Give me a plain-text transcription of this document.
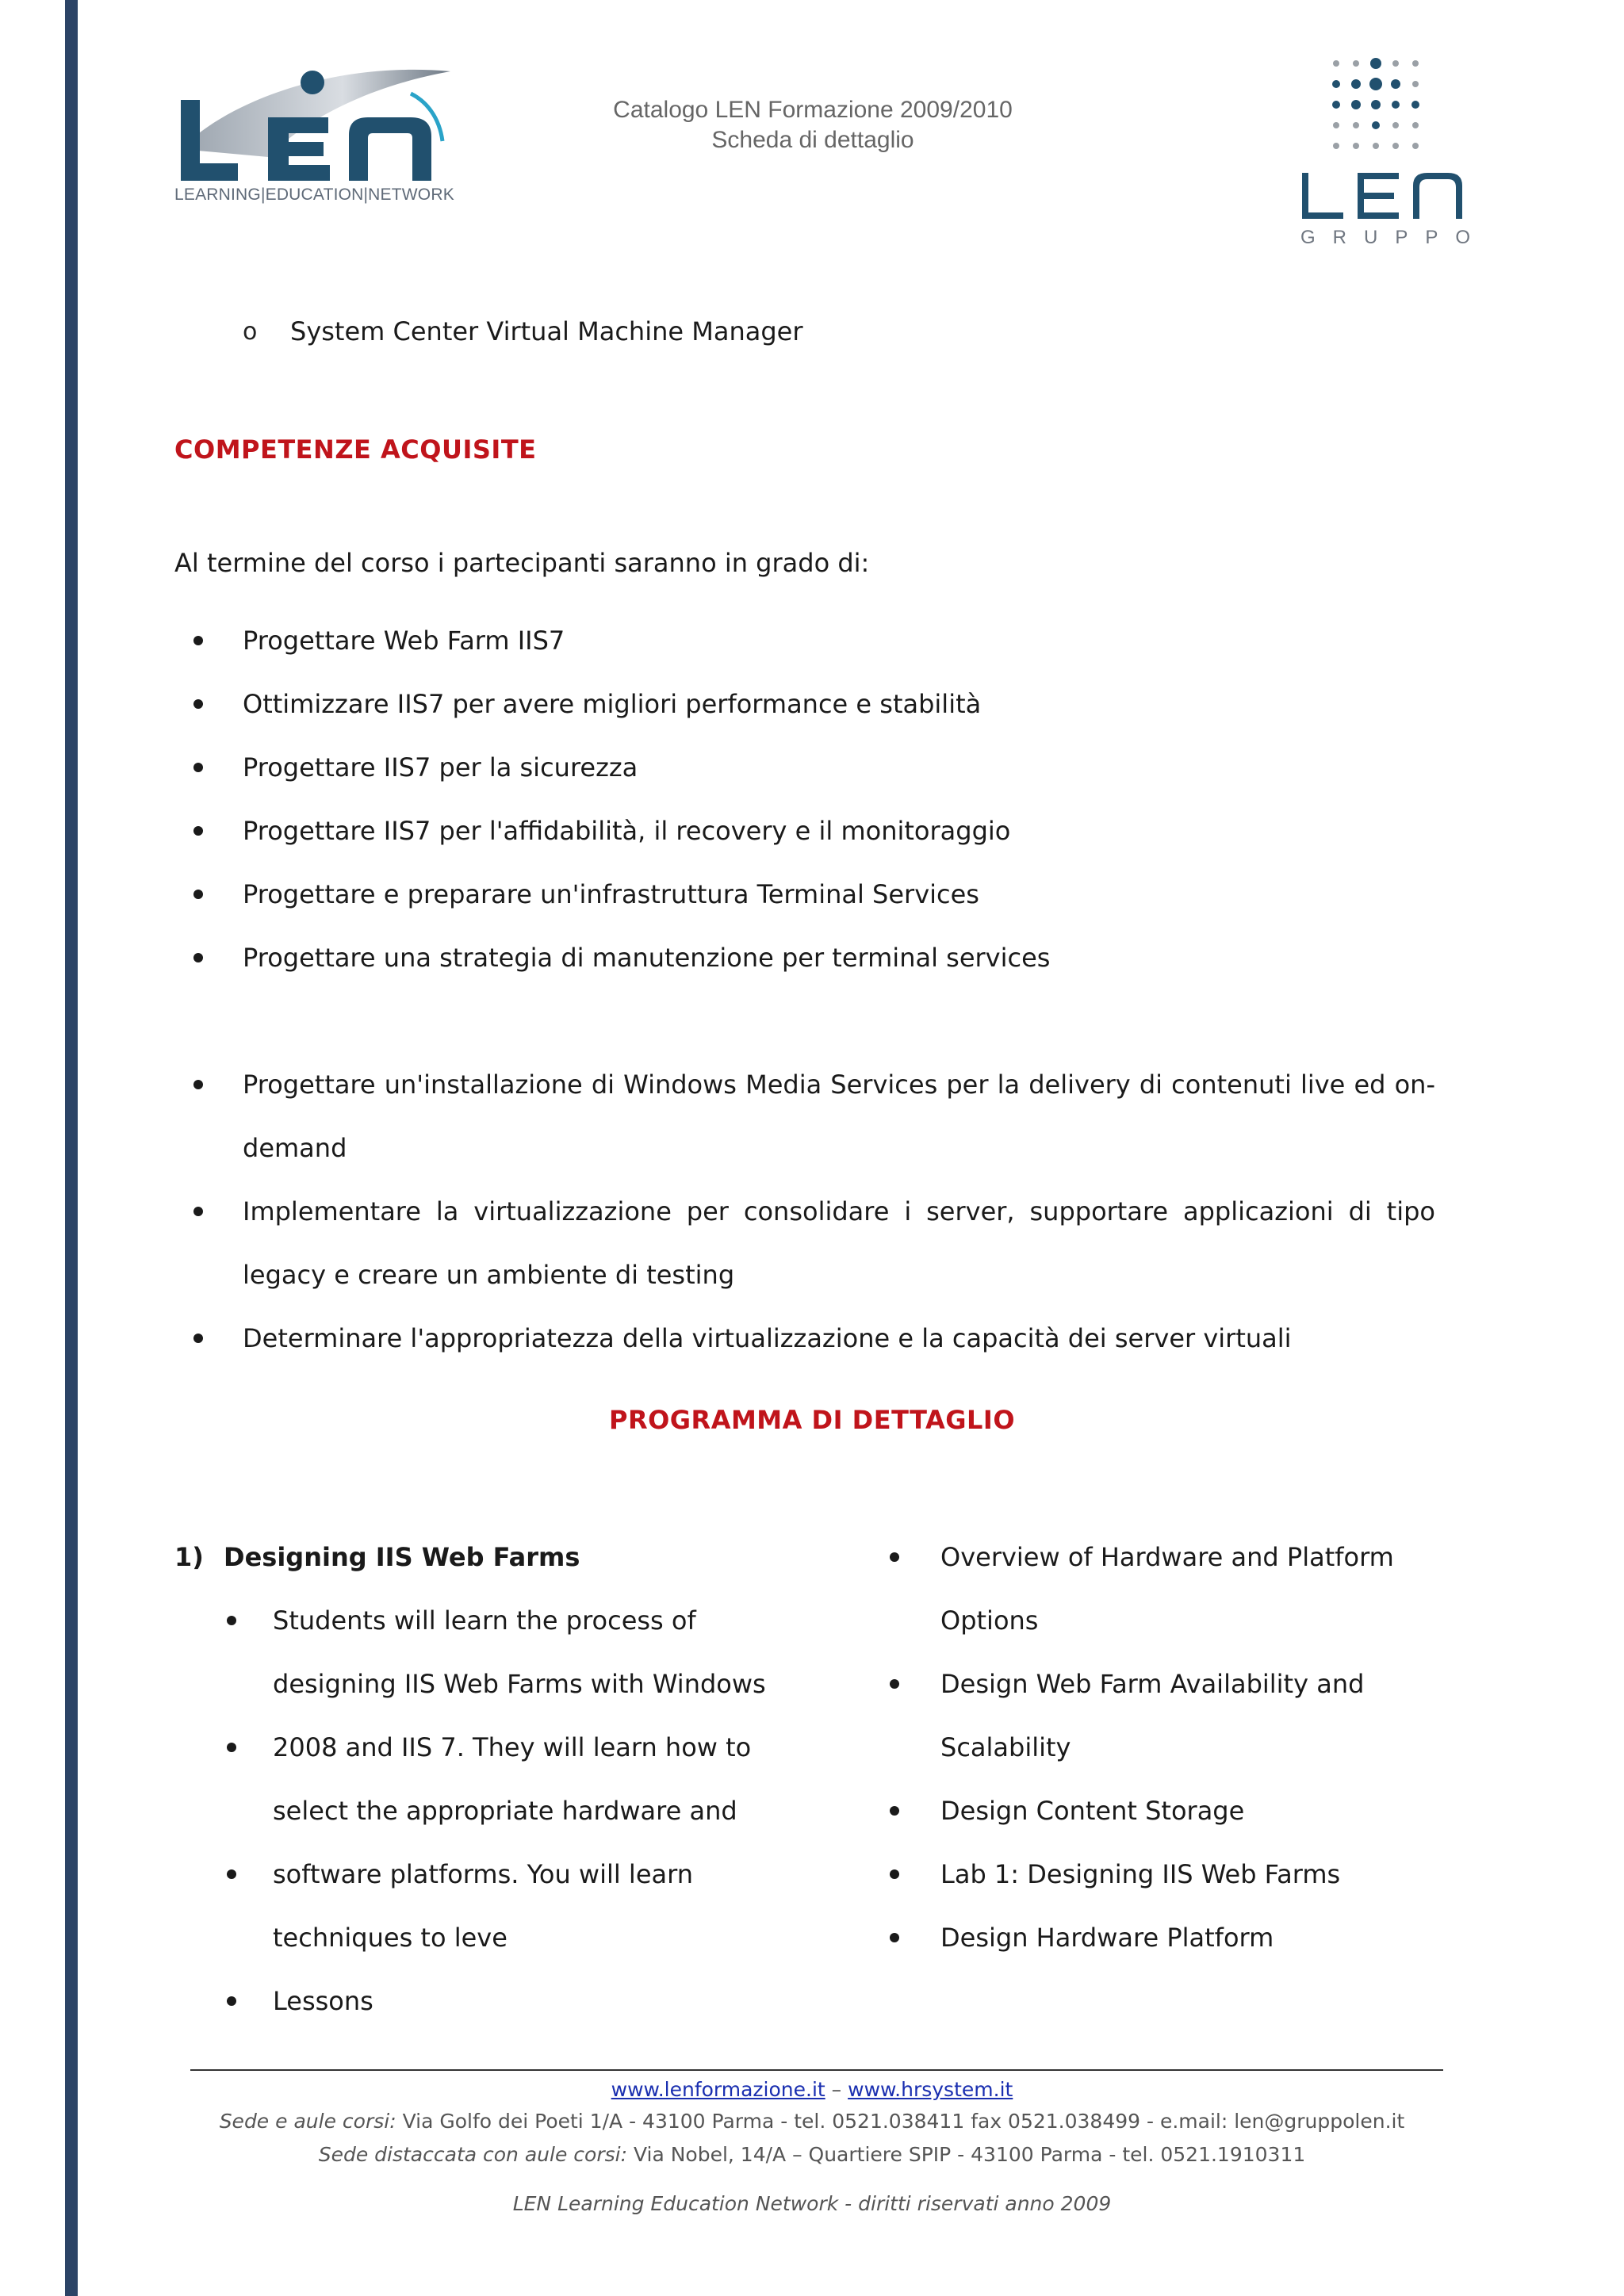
LEARNING|EDUCATION|NETWORK
Catalogo LEN Formazione 2009/2010
Scheda di dettaglio
GRUPPO
o	System Center Virtual Machine Manager
COMPETENZE ACQUISITE
Al termine del corso i partecipanti saranno in grado di:
Progettare Web Farm IIS7
Ottimizzare IIS7 per avere migliori performance e stabilità
Progettare IIS7 per la sicurezza
Progettare IIS7 per l'affidabilità, il recovery e il monitoraggio
Progettare e preparare un'infrastruttura Terminal Services
Progettare una strategia di manutenzione per terminal services
Progettare un'installazione di Windows Media Services per la delivery di contenuti live ed on-demand
Implementare la virtualizzazione per consolidare i server, supportare applicazioni di tipo legacy e creare un ambiente di testing
Determinare l'appropriatezza della virtualizzazione e la capacità dei server virtuali
PROGRAMMA DI DETTAGLIO
1) Designing IIS Web Farms
Students will learn the process of
designing IIS Web Farms with Windows
2008 and IIS 7. They will learn how to
select the appropriate hardware and
software platforms. You will learn
techniques to leve
Lessons
Overview of Hardware and Platform
Options
Design Web Farm Availability and
Scalability
Design Content Storage
Lab 1: Designing IIS Web Farms
Design Hardware Platform
www.lenformazione.it – www.hrsystem.it
Sede e aule corsi: Via Golfo dei Poeti 1/A - 43100 Parma - tel. 0521.038411 fax 0521.038499 - e.mail: len@gruppolen.it
Sede distaccata con aule corsi: Via Nobel, 14/A – Quartiere SPIP - 43100 Parma - tel. 0521.1910311
LEN Learning Education Network - diritti riservati anno 2009
